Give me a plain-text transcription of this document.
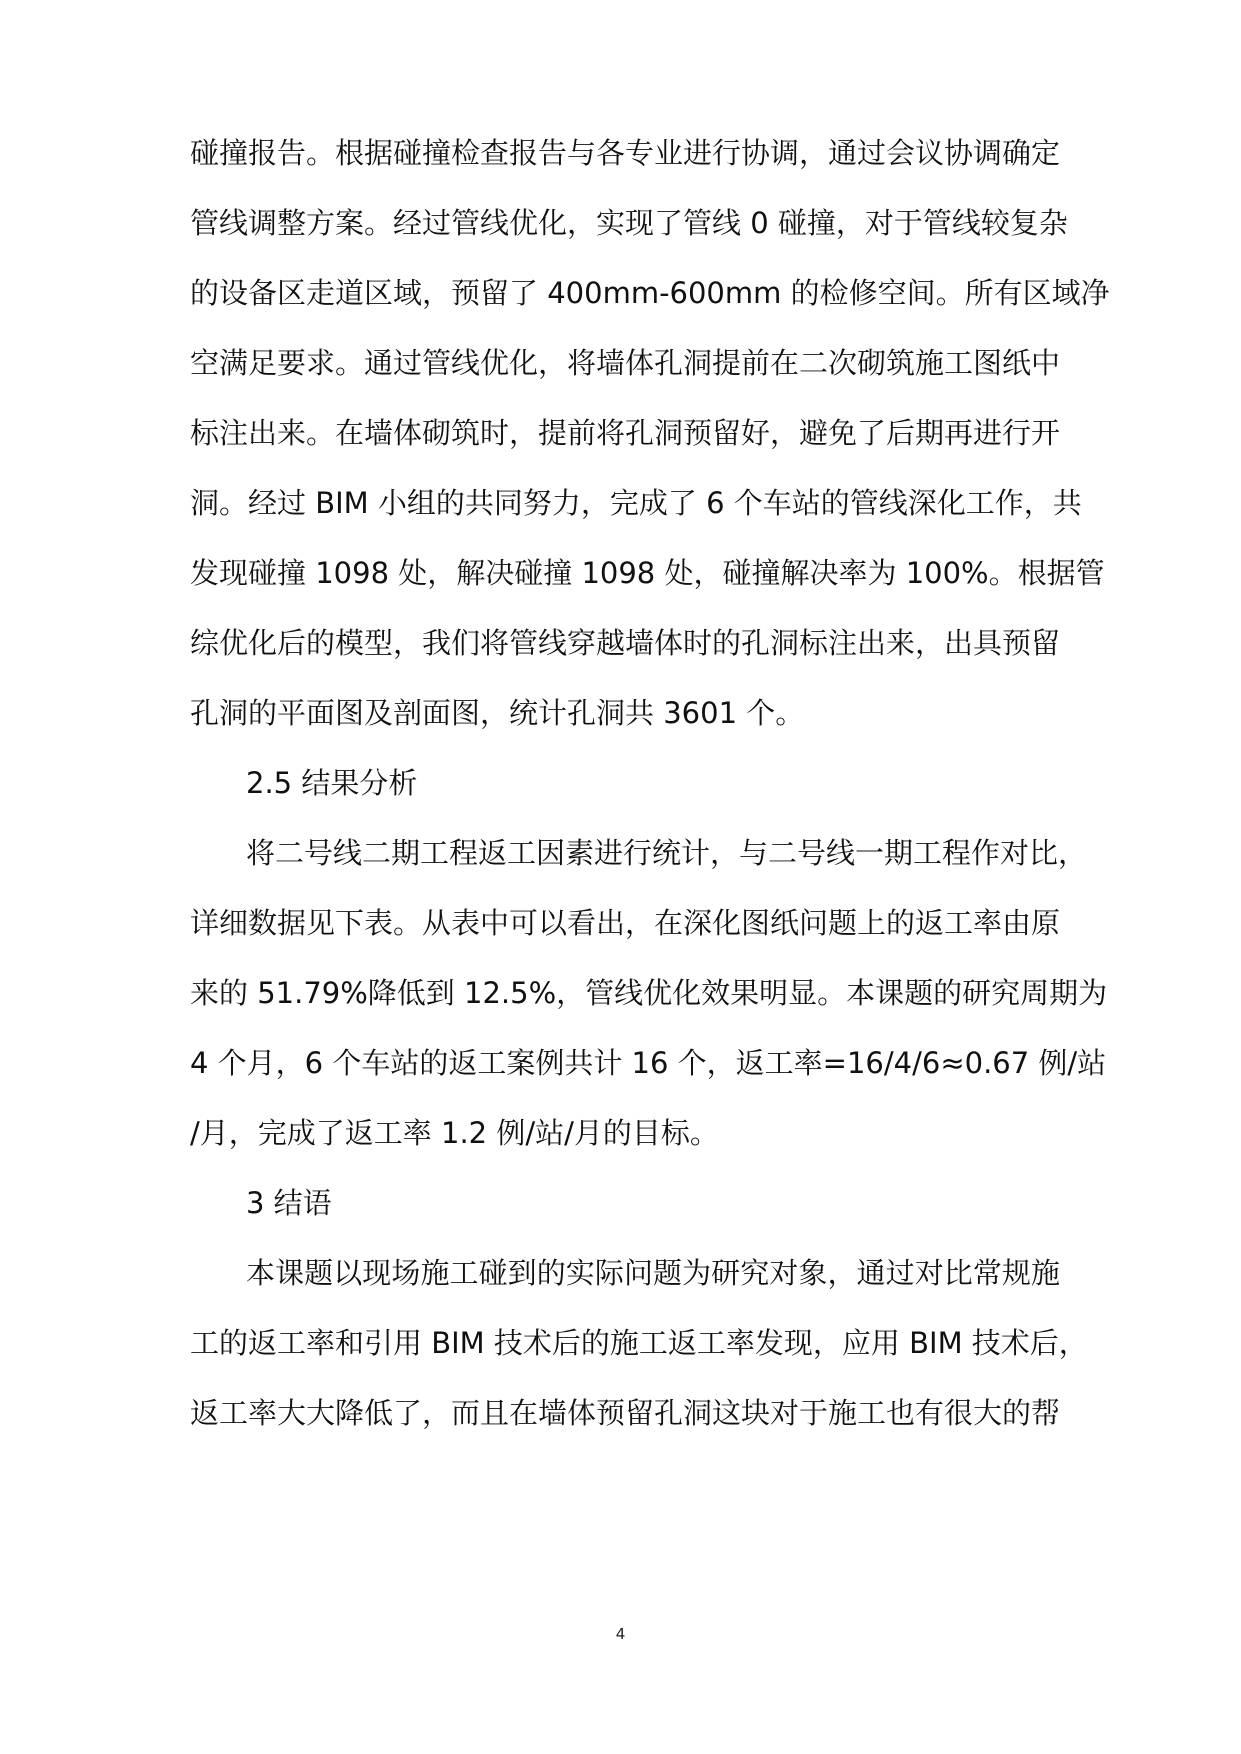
碰撞报告。根据碰撞检查报告与各专业进行协调，通过会议协调确定
管线调整方案。经过管线优化，实现了管线 0 碰撞，对于管线较复杂
的设备区走道区域，预留了 400mm-600mm 的检修空间。所有区域净
空满足要求。通过管线优化，将墙体孔洞提前在二次砌筑施工图纸中
标注出来。在墙体砌筑时，提前将孔洞预留好，避免了后期再进行开
洞。经过 BIM 小组的共同努力，完成了 6 个车站的管线深化工作，共
发现碰撞 1098 处，解决碰撞 1098 处，碰撞解决率为 100%。根据管
综优化后的模型，我们将管线穿越墙体时的孔洞标注出来，出具预留
孔洞的平面图及剖面图，统计孔洞共 3601 个。
2.5 结果分析
将二号线二期工程返工因素进行统计，与二号线一期工程作对比，
详细数据见下表。从表中可以看出，在深化图纸问题上的返工率由原
来的 51.79%降低到 12.5%，管线优化效果明显。本课题的研究周期为
4 个月，6 个车站的返工案例共计 16 个，返工率=16/4/6≈0.67 例/站
/月，完成了返工率 1.2 例/站/月的目标。
3 结语
本课题以现场施工碰到的实际问题为研究对象，通过对比常规施
工的返工率和引用 BIM 技术后的施工返工率发现，应用 BIM 技术后，
返工率大大降低了，而且在墙体预留孔洞这块对于施工也有很大的帮
4
